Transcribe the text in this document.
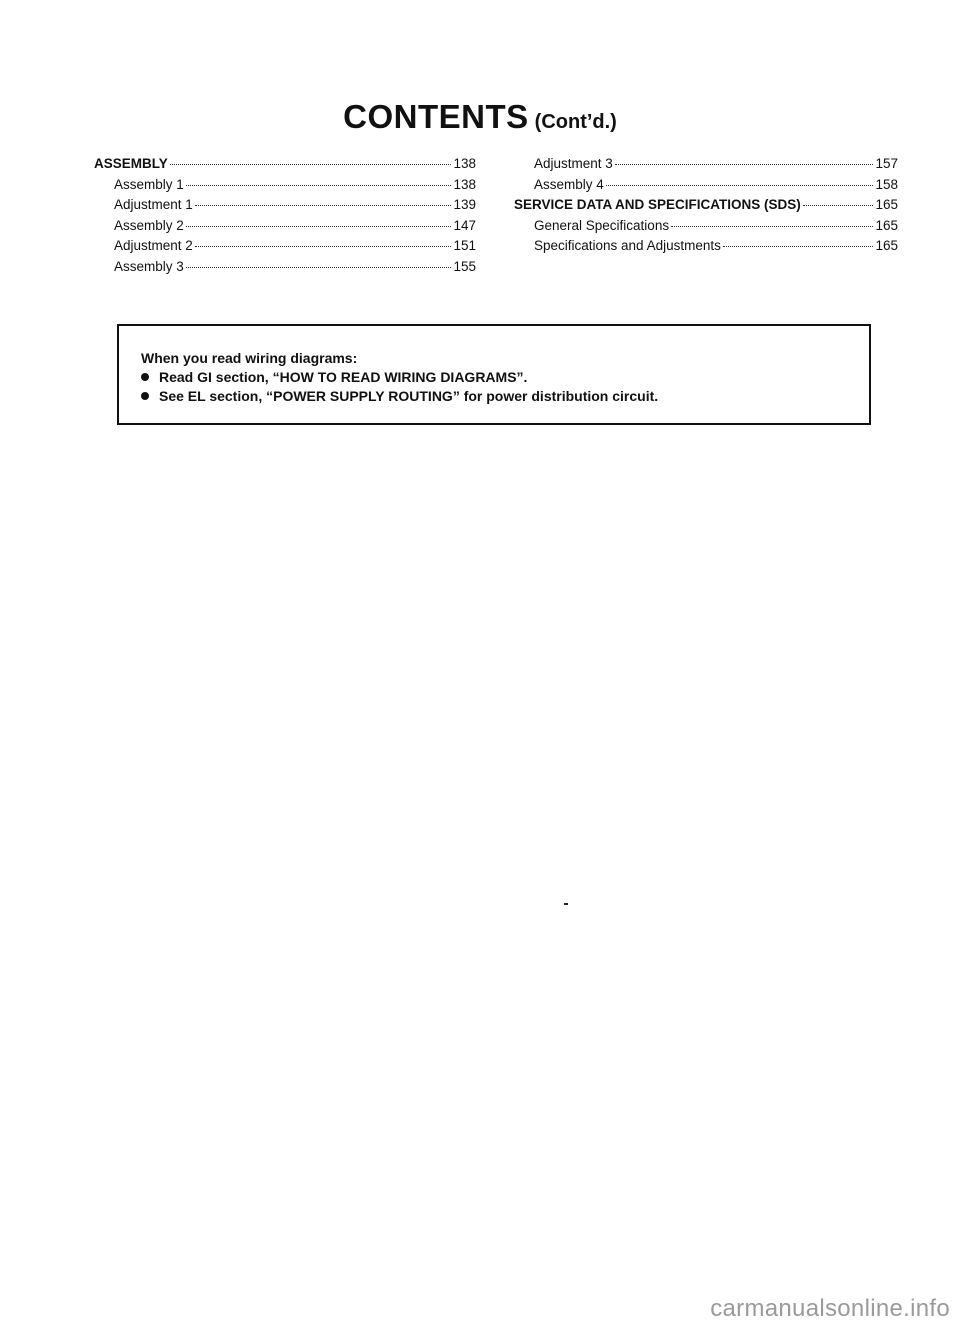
CONTENTS (Cont’d.)
ASSEMBLY	138
Assembly 1	138
Adjustment 1	139
Assembly 2	147
Adjustment 2	151
Assembly 3	155
Adjustment 3	157
Assembly 4	158
SERVICE DATA AND SPECIFICATIONS (SDS)	165
General Specifications	165
Specifications and Adjustments	165
When you read wiring diagrams:
Read GI section, “HOW TO READ WIRING DIAGRAMS”.
See EL section, “POWER SUPPLY ROUTING” for power distribution circuit.
carmanualsonline.info
